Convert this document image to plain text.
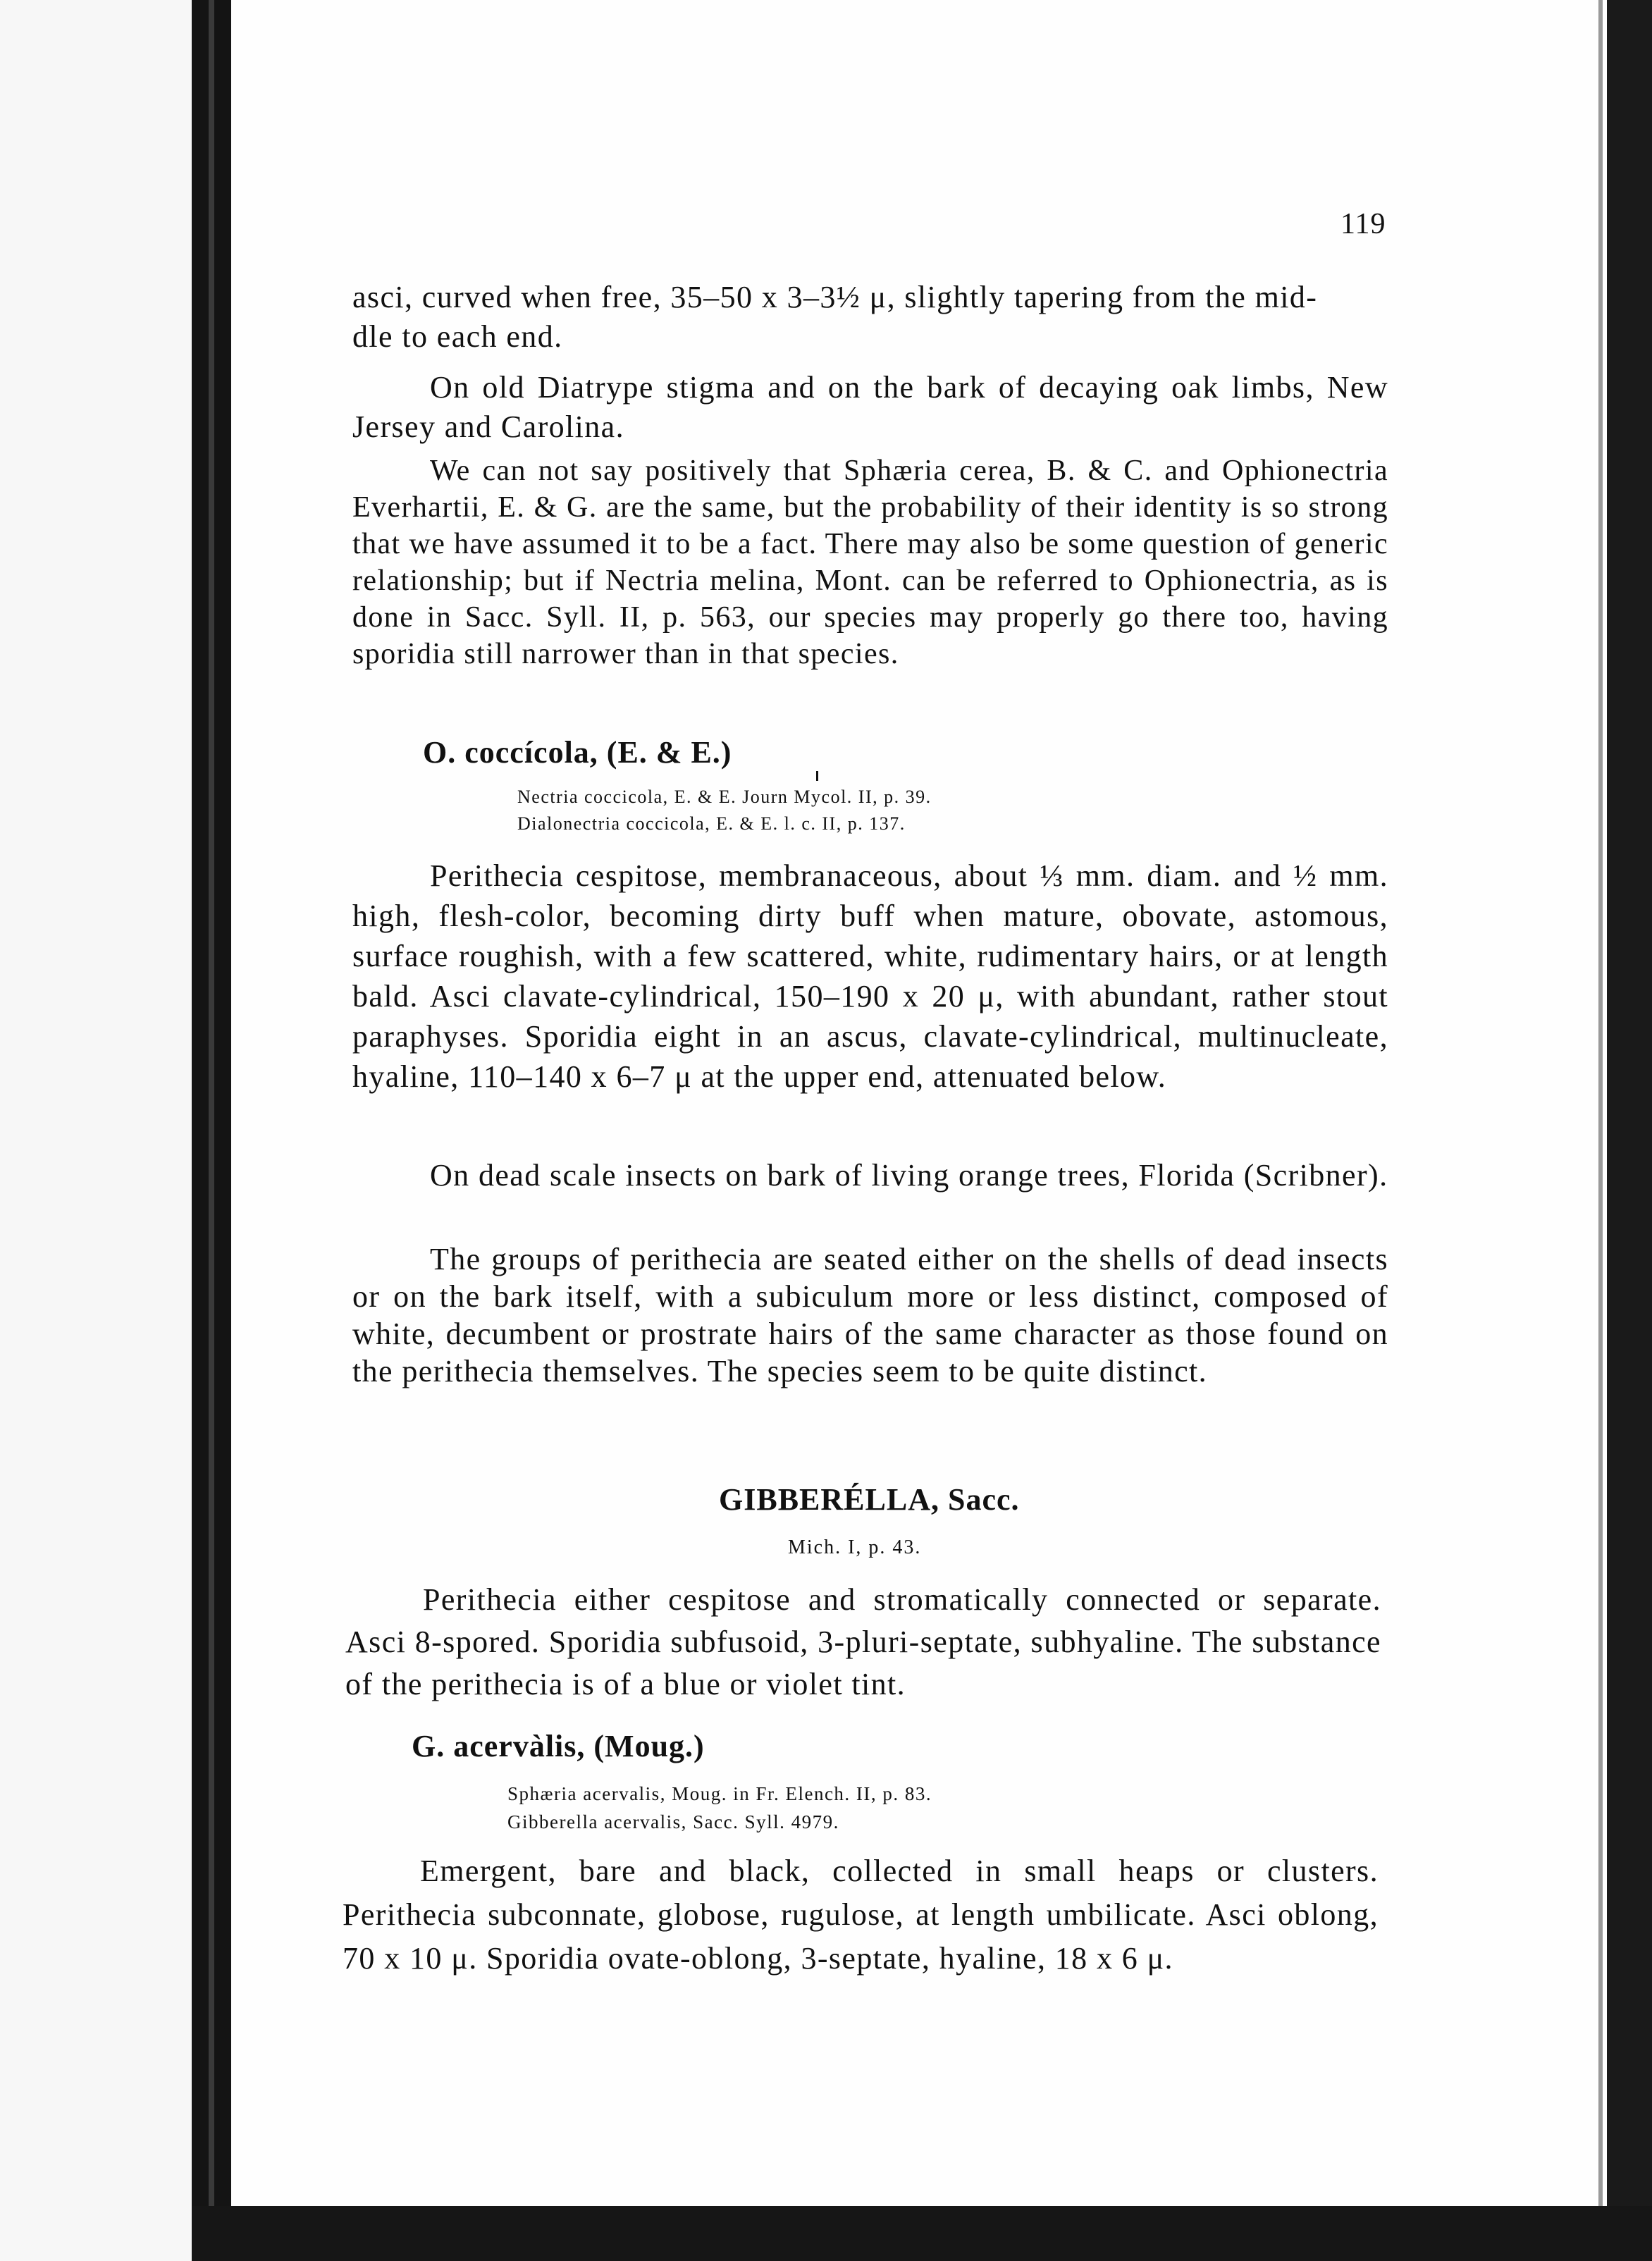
119

asci, curved when free, 35–50 x 3–3½ μ, slightly tapering from the mid-

dle to each end.

On old Diatrype stigma and on the bark of decaying oak limbs, New Jersey and Carolina.

We can not say positively that Sphæria cerea, B. & C. and Ophionectria Everhartii, E. & G. are the same, but the probability of their identity is so strong that we have assumed it to be a fact. There may also be some question of generic relationship; but if Nectria melina, Mont. can be referred to Ophionectria, as is done in Sacc. Syll. II, p. 563, our species may properly go there too, having sporidia still narrower than in that species.

O. coccícola, (E. & E.)
Nectria coccicola, E. & E. Journ Mycol. II, p. 39.
Dialonectria coccicola, E. & E. l. c. II, p. 137.

Perithecia cespitose, membranaceous, about ⅓ mm. diam. and ½ mm. high, flesh-color, becoming dirty buff when mature, obovate, astomous, surface roughish, with a few scattered, white, rudimentary hairs, or at length bald. Asci clavate-cylindrical, 150–190 x 20 μ, with abundant, rather stout paraphyses. Sporidia eight in an ascus, clavate-cylindrical, multinucleate, hyaline, 110–140 x 6–7 μ at the upper end, attenuated below.

On dead scale insects on bark of living orange trees, Florida (Scribner).

The groups of perithecia are seated either on the shells of dead insects or on the bark itself, with a subiculum more or less distinct, composed of white, decumbent or prostrate hairs of the same character as those found on the perithecia themselves. The species seem to be quite distinct.

GIBBERÉLLA, Sacc.
Mich. I, p. 43.

Perithecia either cespitose and stromatically connected or separate. Asci 8-spored. Sporidia subfusoid, 3-pluri-septate, subhyaline. The substance of the perithecia is of a blue or violet tint.

G. acervàlis, (Moug.)
Sphæria acervalis, Moug. in Fr. Elench. II, p. 83.
Gibberella acervalis, Sacc. Syll. 4979.

Emergent, bare and black, collected in small heaps or clusters. Perithecia subconnate, globose, rugulose, at length umbilicate. Asci oblong, 70 x 10 μ. Sporidia ovate-oblong, 3-septate, hyaline, 18 x 6 μ.
